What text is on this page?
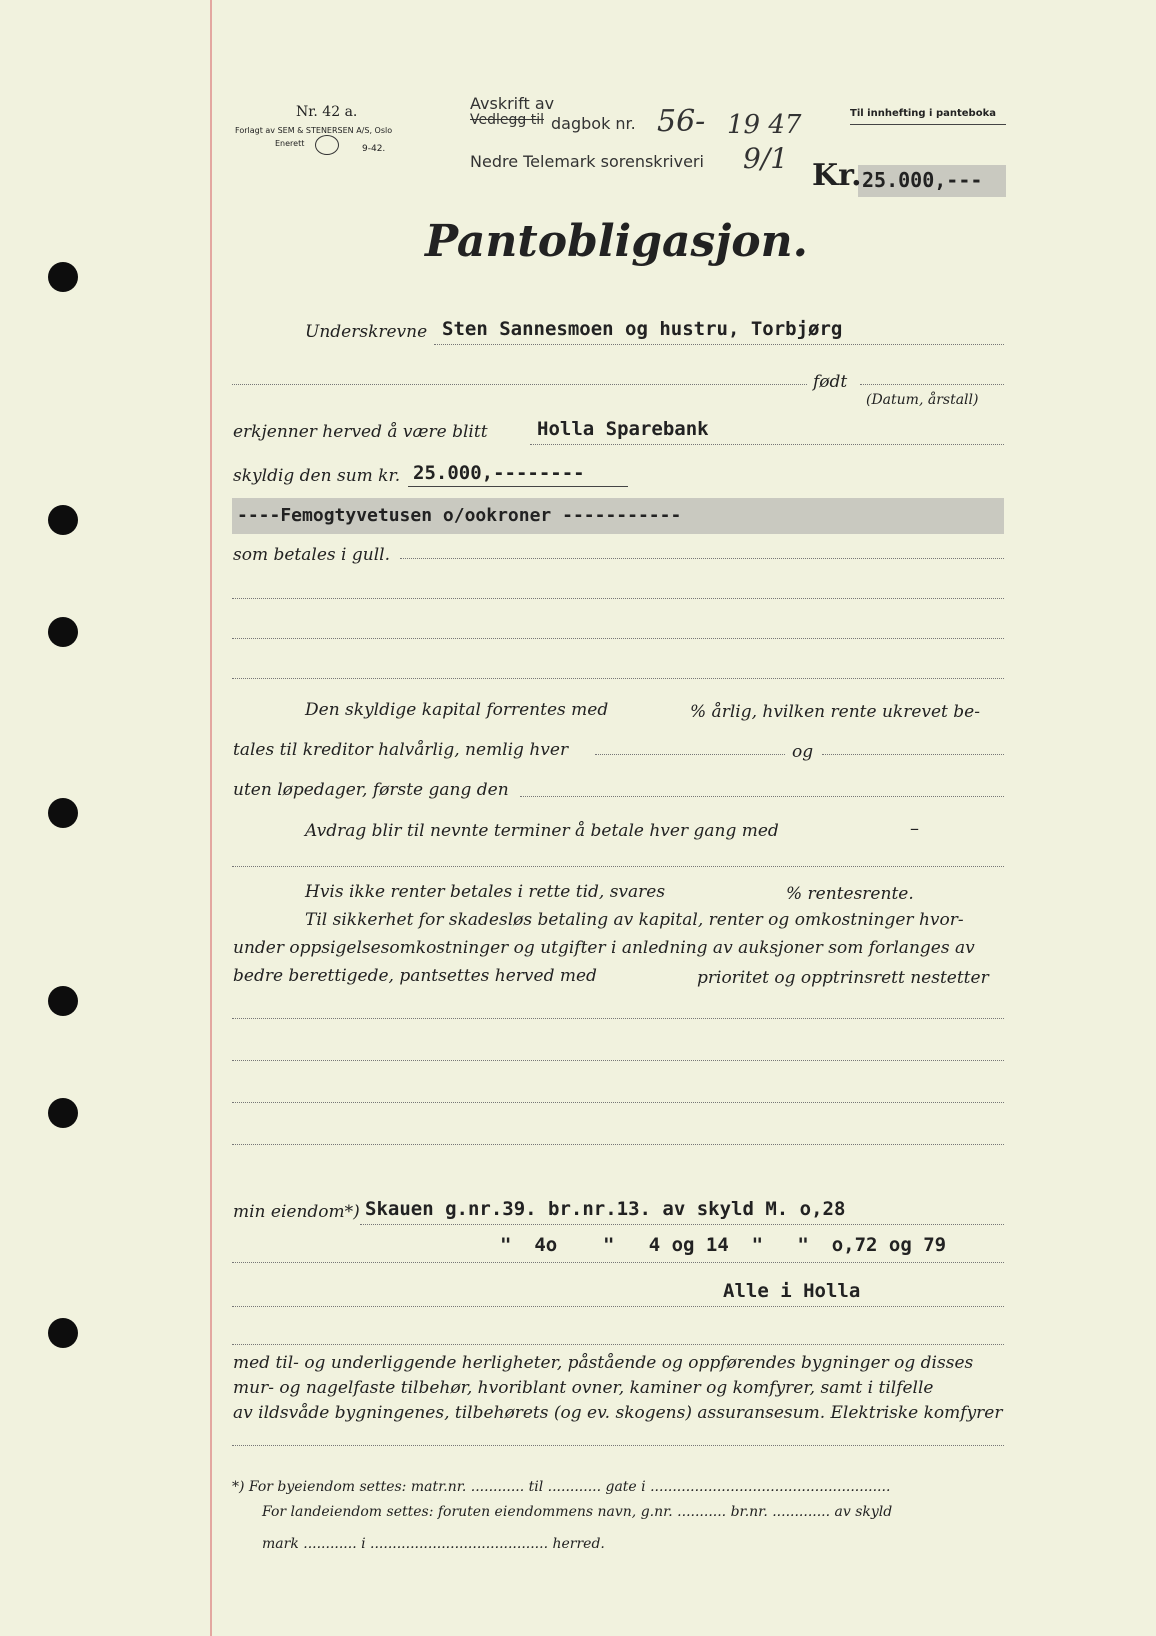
Nr. 42 a.
Forlagt av SEM & STENERSEN A/S, Oslo
Enerett
9-42.
Avskrift av
Vedlegg til dagbok nr. 56- 19 47
Nedre Telemark sorenskriveri 9/1
Til innhefting i panteboka
Kr. 25.000,---
Pantobligasjon.
Underskrevne Sten Sannesmoen og hustru, Torbjørg
født
(Datum, årstall)
erkjenner herved å være blitt	Holla Sparebank
skyldig den sum kr. 25.000,--------
----Femogtyvetusen o/ookroner -----------
som betales i gull.
Den skyldige kapital forrentes med	% årlig, hvilken rente ukrevet be-
tales til kreditor halvårlig, nemlig hver	og
uten løpedager, første gang den
Avdrag blir til nevnte terminer å betale hver gang med	–
Hvis ikke renter betales i rette tid, svares	% rentesrente.
Til sikkerhet for skadesløs betaling av kapital, renter og omkostninger hvor-
under oppsigelsesomkostninger og utgifter i anledning av auksjoner som forlanges av
bedre berettigede, pantsettes herved med	prioritet og opptrinsrett nestetter
min eiendom*) Skauen g.nr.39. br.nr.13. av skyld M. o,28
"  4o    "   4 og 14  "   "  o,72 og 79
Alle i Holla
med til- og underliggende herligheter, påstående og oppførendes bygninger og disses
mur- og nagelfaste tilbehør, hvoriblant ovner, kaminer og komfyrer, samt i tilfelle
av ildsvåde bygningenes, tilbehørets (og ev. skogens) assuransesum. Elektriske komfyrer
*) For byeiendom settes: matr.nr. ............ til ............ gate i ......................................................
For landeiendom settes: foruten eiendommens navn, g.nr. ........... br.nr. ............. av skyld
mark ............ i ........................................ herred.
